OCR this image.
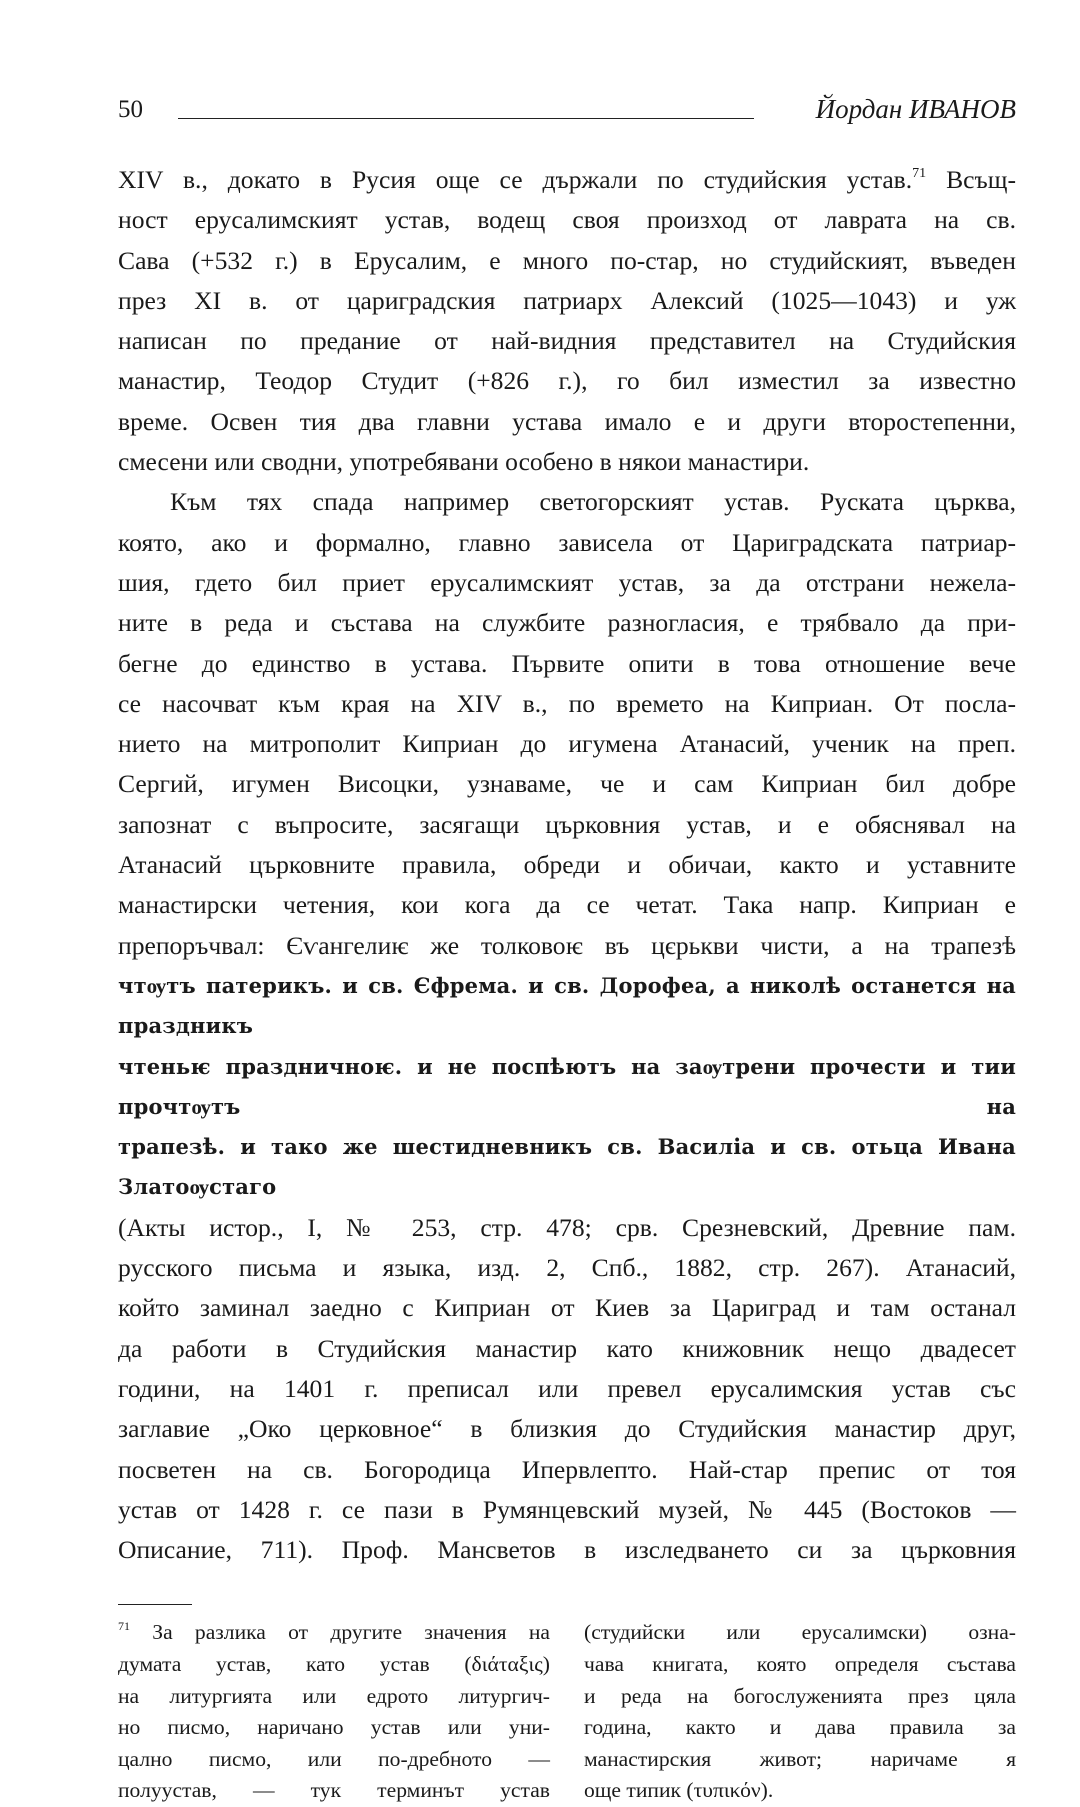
50	Йордан ИВАНОВ

XIV в., докато в Русия още се държали по студийския устав.$^{71}$ Всъщ-
ност ерусалимският устав, водещ своя произход от лаврата на св.
Сава (+532 г.) в Ерусалим, е много по-стар, но студийският, въведен
през XI в. от цариградския патриарх Алексий (1025—1043) и уж
написан по предание от най-видния представител на Студийския
манастир, Теодор Студит (+826 г.), го бил изместил за известно
време. Освен тия два главни устава имало е и други второстепенни,
смесени или сводни, употребявани особено в някои манастири.

Към тях спада например светогорският устав. Руската църква,
която, ако и формално, главно зависела от Цариградската патриар-
шия, гдето бил приет ерусалимският устав, за да отстрани нежела-
ните в реда и състава на службите разногласия, е трябвало да при-
бегне до единство в устава. Първите опити в това отношение вече
се насочват към края на XIV в., по времето на Киприан. От посла-
нието на митрополит Киприан до игумена Атанасий, ученик на преп.
Сергий, игумен Висоцки, узнаваме, че и сам Киприан бил добре
запознат с въпросите, засягащи църковния устав, и е обяснявал на
Атанасий църковните правила, обреди и обичаи, както и уставните
манастирски четения, кои кога да се четат. Така напр. Киприан е
препоръчвал: Єѵангелиѥ же толковоѥ въ цєрькви чисти, а на трапезѣ
чтѹтъ патерикъ. и св. Єфрема. и св. Дорофеа, а николѣ останется на праздникъ
чтеньѥ праздничноѥ. и не поспѣютъ на заѹтрени прочести и тии прочтѹтъ на
трапезѣ. и тако же шестидневникъ св. Василіа и св. отьца Ивана Златоѹстаго
(Акты истор., I, № 253, стр. 478; срв. Срезневский, Древние пам.
русского письма и языка, изд. 2, Спб., 1882, стр. 267). Атанасий,
който заминал заедно с Киприан от Киев за Цариград и там останал
да работи в Студийския манастир като книжовник нещо двадесет
години, на 1401 г. преписал или превел ерусалимския устав със
заглавие „Око церковное“ в близкия до Студийския манастир друг,
посветен на св. Богородица Ипервлепто. Най-стар препис от тоя
устав от 1428 г. се пази в Румянцевский музей, № 445 (Востоков —
Описание, 711). Проф. Мансветов в изследването си за църковния

$^{71}$ За разлика от другите значения на
думата устав, като устав (διάταξις)
на литургията или едрото литургич-
но писмо, наричано устав или уни-
цално писмо, или по-дребното —
полуустав, — тук терминът устав
(студийски или ерусалимски) озна-
чава книгата, която определя състава
и реда на богослуженията през цяла
година, както и дава правила за
манастирския живот; наричаме я
още типик (τυπικόν).
